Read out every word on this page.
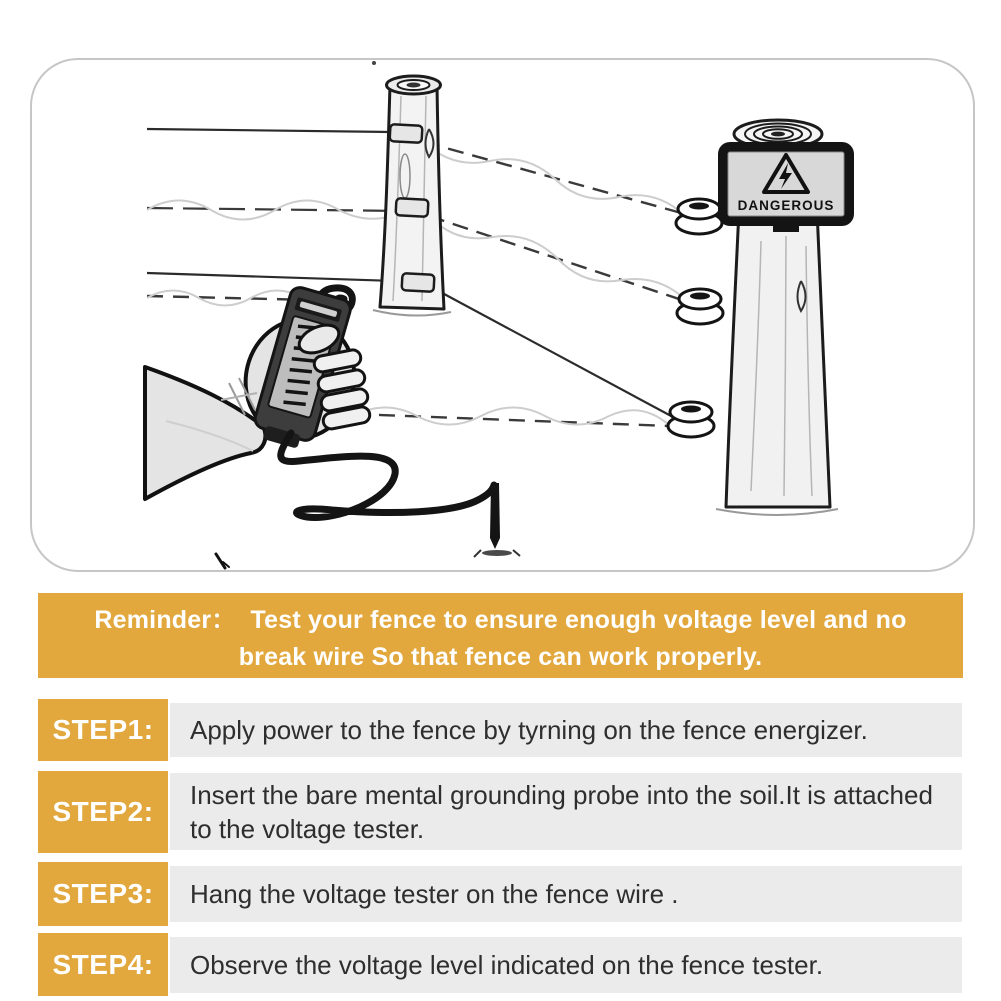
DANGEROUS
Reminder： Test your fence to ensure enough voltage level and no
break wire So that fence can work properly.
STEP1:	Apply power to the fence by tyrning on the fence energizer.
STEP2:
Insert the bare mental grounding probe into the soil.It is attached to the voltage tester.
STEP3:	Hang the voltage tester on the fence wire .
STEP4:	Observe the voltage level indicated on the fence tester.
